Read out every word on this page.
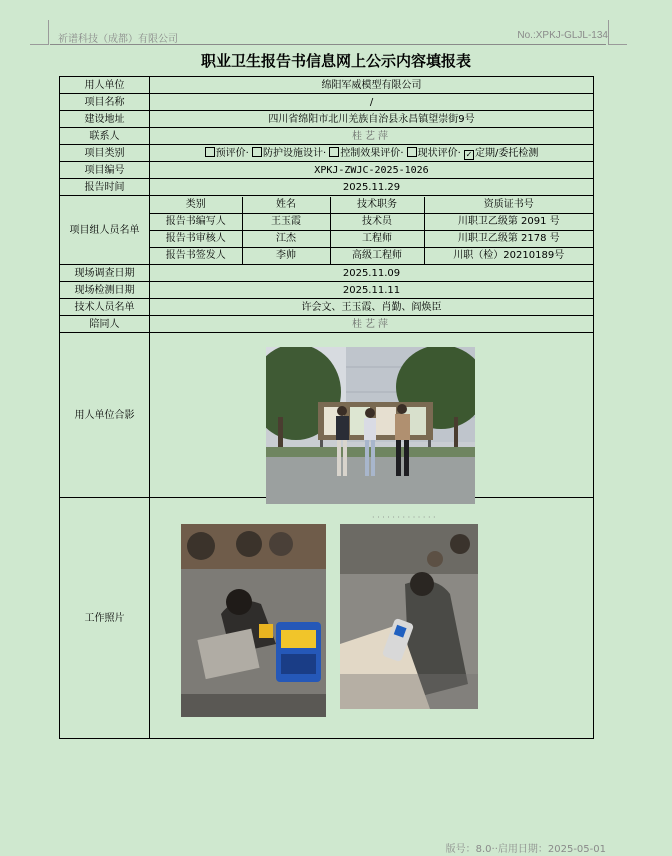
祈谱科技（成都）有限公司	No.:XPKJ-GLJL-134
职业卫生报告书信息网上公示内容填报表
用人单位	绵阳军威模型有限公司
项目名称	/
建设地址	四川省绵阳市北川羌族自治县永昌镇望崇街9号
联系人	桂艺萍
项目类别	预评价· 防护设施设计· 控制效果评价· 现状评价· ✓ 定期/委托检测
项目编号	XPKJ-ZWJC-2025-1026
报告时间	2025.11.29
项目组人员名单	
类别	姓名	技术职务	资质证书号
报告书编写人	王玉霞	技术员	川职卫乙级第 2091 号
报告书审核人	江杰	工程师	川职卫乙级第 2178 号
报告书签发人	李帅	高级工程师	川职（检）20210189号

现场调查日期	2025.11.09
现场检测日期	2025.11.11
技术人员名单	许会文、王玉霞、肖勤、阎焕臣
陪同人	桂艺萍
用人单位合影	
工作照片	
· · · · · · · · · · · · ·
版号：8.0··启用日期：2025-05-01
